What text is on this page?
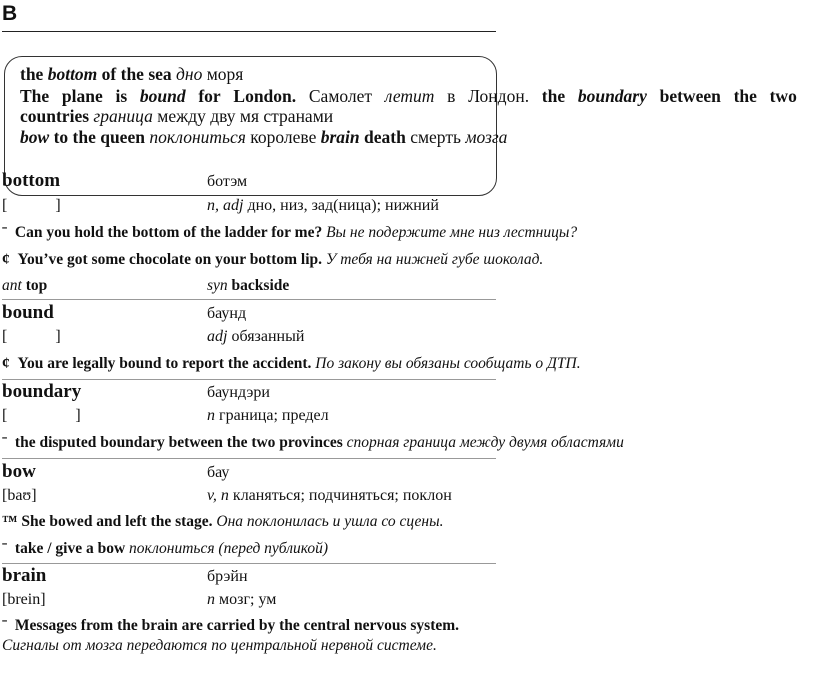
B
the bottom of the sea дно моря
The plane is bound for London. Самолет летит в Лондон. the boundary between the two
countries граница между дву мя странами
bow to the queen поклониться королеве brain death смерть мозга
bottom	ботэм
[            ]	n, adj дно, низ, зад(ница); нижний
ˉ Can you hold the bottom of the ladder for me? Вы не подержите мне низ лестницы?
¢ You’ve got some chocolate on your bottom lip. У тебя на нижней губе шоколад.
ant top	syn backside
bound	баунд
[            ]	adj обязанный
¢ You are legally bound to report the accident. По закону вы обязаны сообщать о ДТП.
boundary	баундэри
[                 ]	n граница; предел
ˉ the disputed boundary between the two provinces спорная граница между двумя областями
bow	бау
[baʊ]	v, n кланяться; подчиняться; поклон
™ She bowed and left the stage. Она поклонилась и ушла со сцены.
ˉ take / give a bow поклониться (перед публикой)
brain	брэйн
[brein]	n мозг; ум
ˉ Messages from the brain are carried by the central nervous system.
Сигналы от мозга передаются по центральной нервной системе.
